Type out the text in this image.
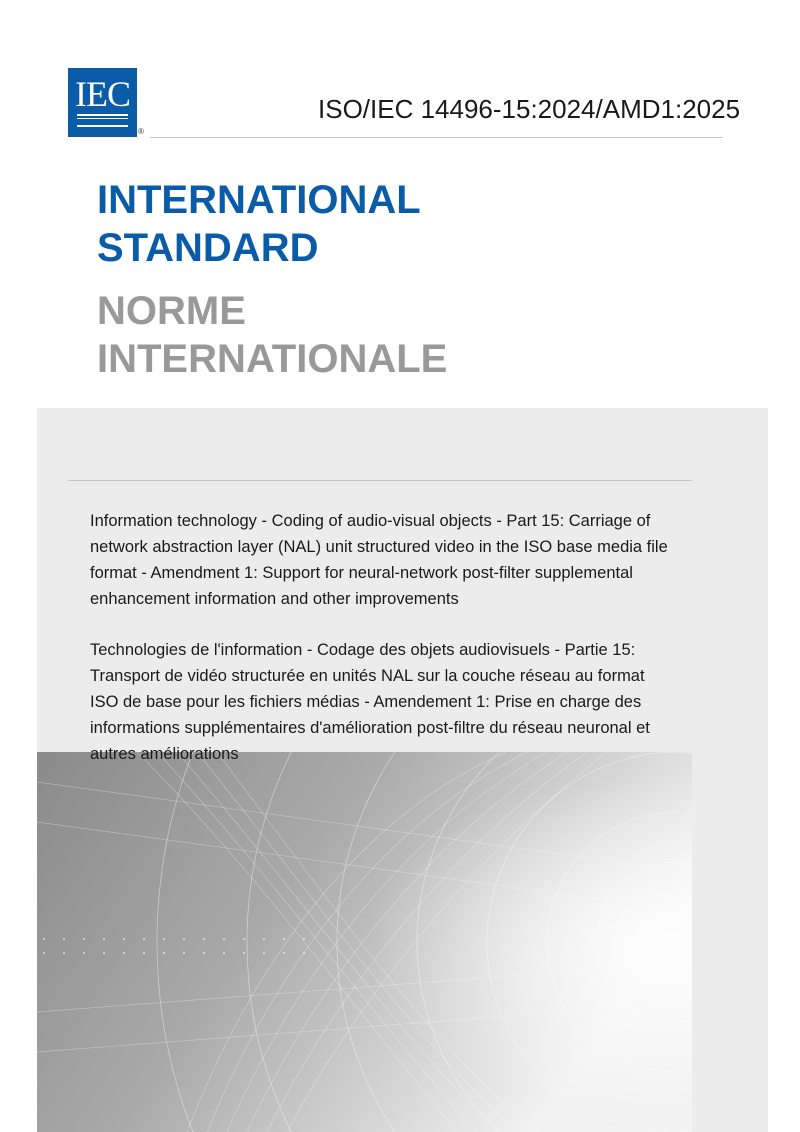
IEC
®
ISO/IEC 14496-15:2024/AMD1:2025
INTERNATIONAL
STANDARD
NORME
INTERNATIONALE
Information technology - Coding of audio-visual objects - Part 15: Carriage of network abstraction layer (NAL) unit structured video in the ISO base media file format - Amendment 1: Support for neural-network post-filter supplemental enhancement information and other improvements
Technologies de l'information - Codage des objets audiovisuels - Partie 15: Transport de vidéo structurée en unités NAL sur la couche réseau au format ISO de base pour les fichiers médias - Amendement 1: Prise en charge des informations supplémentaires d'amélioration post-filtre du réseau neuronal et autres améliorations
